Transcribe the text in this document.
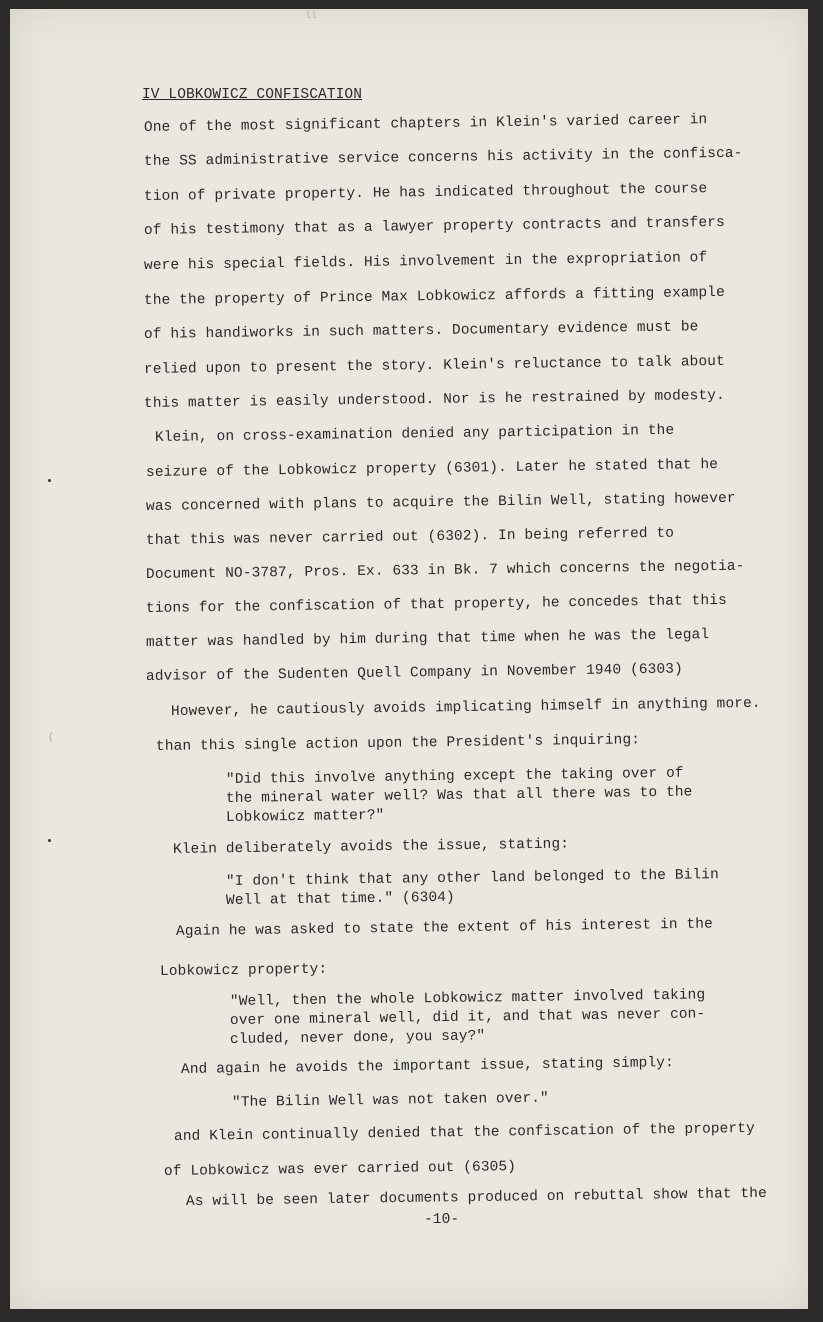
ll
IV LOBKOWICZ CONFISCATION
One of the most significant chapters in Klein's varied career in
the SS administrative service concerns his activity in the confisca-
tion of private property. He has indicated throughout the course
of his testimony that as a lawyer property contracts and transfers
were his special fields. His involvement in the expropriation of
the the property of Prince Max Lobkowicz affords a fitting example
of his handiworks in such matters. Documentary evidence must be
relied upon to present the story. Klein's reluctance to talk about
this matter is easily understood. Nor is he restrained by modesty.
Klein, on cross-examination denied any participation in the
seizure of the Lobkowicz property (6301). Later he stated that he
was concerned with plans to acquire the Bilin Well, stating however
that this was never carried out (6302). In being referred to
Document NO-3787, Pros. Ex. 633 in Bk. 7 which concerns the negotia-
tions for the confiscation of that property, he concedes that this
matter was handled by him during that time when he was the legal
advisor of the Sudenten Quell Company in November 1940 (6303)
However, he cautiously avoids implicating himself in anything more.
than this single action upon the President's inquiring:
"Did this involve anything except the taking over of
the mineral water well? Was that all there was to the
Lobkowicz matter?"
Klein deliberately avoids the issue, stating:
"I don't think that any other land belonged to the Bilin
Well at that time." (6304)
Again he was asked to state the extent of his interest in the
Lobkowicz property:
"Well, then the whole Lobkowicz matter involved taking
over one mineral well, did it, and that was never con-
cluded, never done, you say?"
And again he avoids the important issue, stating simply:
"The Bilin Well was not taken over."
and Klein continually denied that the confiscation of the property
of Lobkowicz was ever carried out (6305)
As will be seen later documents produced on rebuttal show that the
-10-
(
